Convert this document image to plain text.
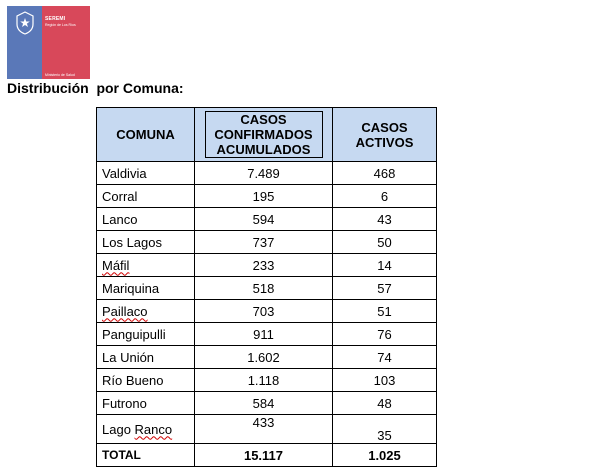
SEREMI
Región de Los Ríos
Ministerio de Salud
Distribución  por Comuna:
COMUNA	CASOS CONFIRMADOS ACUMULADOS	CASOS ACTIVOS
Valdivia	7.489	468
Corral	195	6
Lanco	594	43
Los Lagos	737	50
Máfil	233	14
Mariquina	518	57
Paillaco	703	51
Panguipulli	911	76
La Unión	1.602	74
Río Bueno	1.118	103
Futrono	584	48
Lago Ranco	433	35
TOTAL	15.117	1.025
